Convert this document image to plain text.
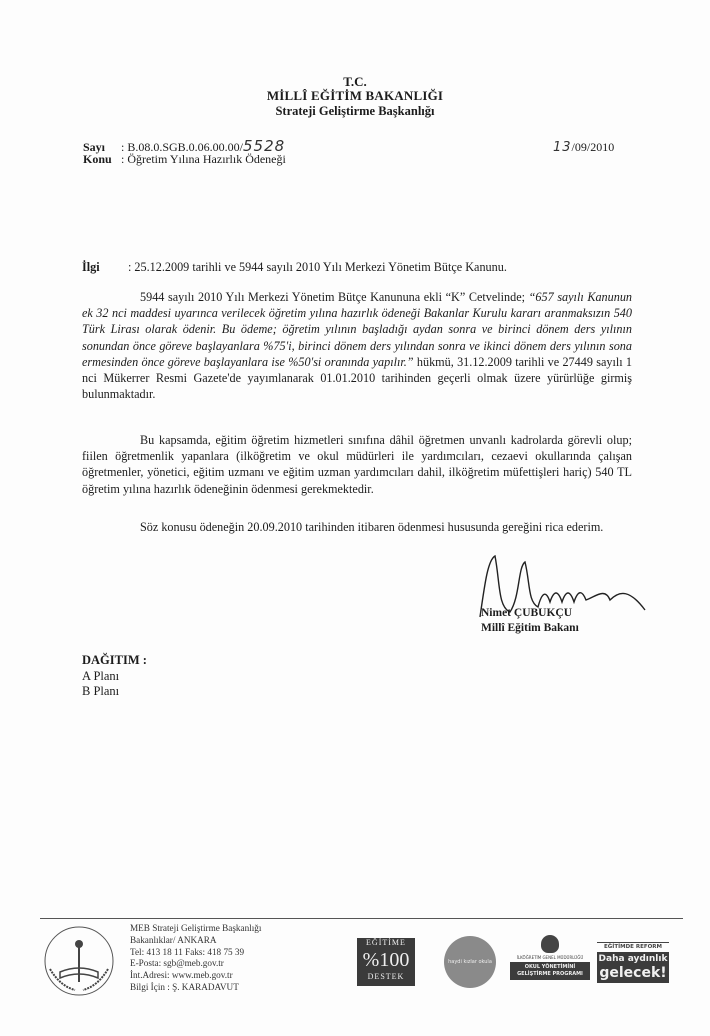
T.C.
MİLLÎ EĞİTİM BAKANLIĞI
Strateji Geliştirme Başkanlığı
Sayı : B.08.0.SGB.0.06.00.00/5528
Konu : Öğretim Yılına Hazırlık Ödeneği
13/09/2010
İlgi : 25.12.2009 tarihli ve 5944 sayılı 2010 Yılı Merkezi Yönetim Bütçe Kanunu.
5944 sayılı 2010 Yılı Merkezi Yönetim Bütçe Kanununa ekli “K” Cetvelinde; “657 sayılı Kanunun ek 32 nci maddesi uyarınca verilecek öğretim yılına hazırlık ödeneği Bakanlar Kurulu kararı aranmaksızın 540 Türk Lirası olarak ödenir. Bu ödeme; öğretim yılının başladığı aydan sonra ve birinci dönem ders yılının sonundan önce göreve başlayanlara %75'i, birinci dönem ders yılından sonra ve ikinci dönem ders yılının sona ermesinden önce göreve başlayanlara ise %50'si oranında yapılır.” hükmü, 31.12.2009 tarihli ve 27449 sayılı 1 nci Mükerrer Resmi Gazete'de yayımlanarak 01.01.2010 tarihinden geçerli olmak üzere yürürlüğe girmiş bulunmaktadır.
Bu kapsamda, eğitim öğretim hizmetleri sınıfına dâhil öğretmen unvanlı kadrolarda görevli olup; fiilen öğretmenlik yapanlara (ilköğretim ve okul müdürleri ile yardımcıları, cezaevi okullarında çalışan öğretmenler, yönetici, eğitim uzmanı ve eğitim uzman yardımcıları dahil, ilköğretim müfettişleri hariç) 540 TL öğretim yılına hazırlık ödeneğinin ödenmesi gerekmektedir.
Söz konusu ödeneğin 20.09.2010 tarihinden itibaren ödenmesi hususunda gereğini rica ederim.
Nimet ÇUBUKÇU
Millî Eğitim Bakanı
DAĞITIM :
A Planı
B Planı
MEB Strateji Geliştirme Başkanlığı
Bakanlıklar/ ANKARA
Tel: 413 18 11 Faks: 418 75 39
E-Posta: sgb@meb.gov.tr
İnt.Adresi: www.meb.gov.tr
Bilgi İçin : Ş. KARADAVUT
EĞİTİME
%100
DESTEK
haydi kızlar okula
İLKÖĞRETİM GENEL MÜDÜRLÜĞÜ
OKUL YÖNETİMİNİ
GELİŞTİRME PROGRAMI
EĞİTİMDE REFORM
Daha aydınlık
gelecek!
